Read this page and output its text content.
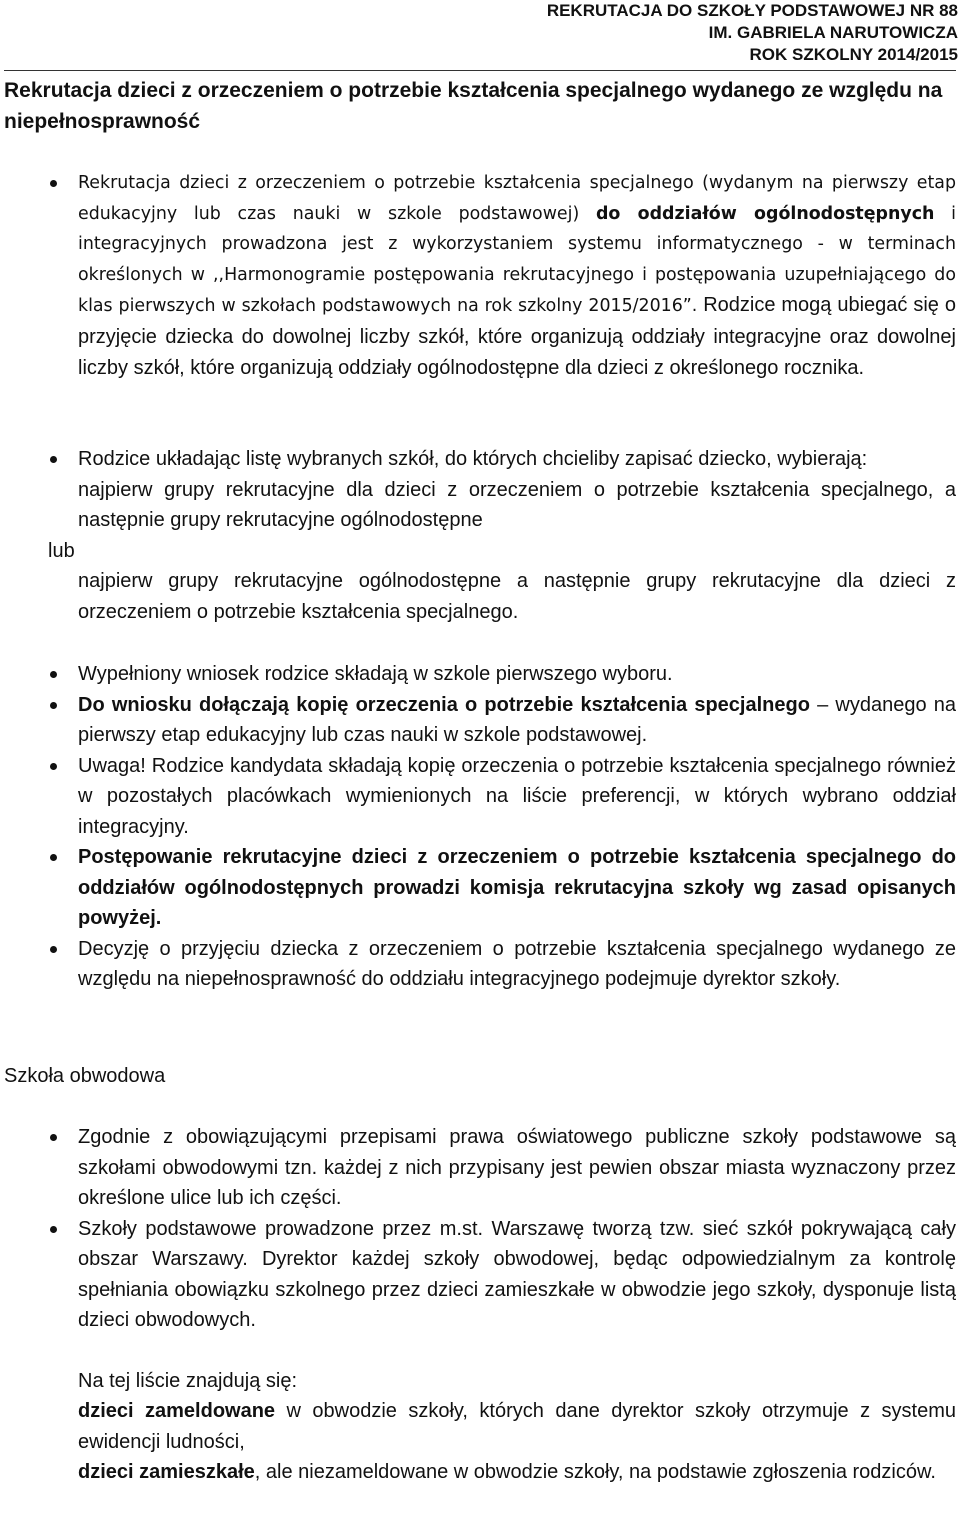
REKRUTACJA DO SZKOŁY PODSTAWOWEJ NR 88
IM. GABRIELA NARUTOWICZA
ROK SZKOLNY 2014/2015
Rekrutacja dzieci z orzeczeniem o potrzebie kształcenia specjalnego wydanego ze względu na niepełnosprawność
Rekrutacja dzieci z orzeczeniem o potrzebie kształcenia specjalnego (wydanym na pierwszy etap edukacyjny lub czas nauki w szkole podstawowej) do oddziałów ogólnodostępnych i integracyjnych prowadzona jest z wykorzystaniem systemu informatycznego - w terminach określonych w ,,Harmonogramie postępowania rekrutacyjnego i postępowania uzupełniającego do klas pierwszych w szkołach podstawowych na rok szkolny 2015/2016”. Rodzice mogą ubiegać się o przyjęcie dziecka do dowolnej liczby szkół, które organizują oddziały integracyjne oraz dowolnej liczby szkół, które organizują oddziały ogólnodostępne dla dzieci z określonego rocznika.
Rodzice układając listę wybranych szkół, do których chcieliby zapisać dziecko, wybierają:
najpierw grupy rekrutacyjne dla dzieci z orzeczeniem o potrzebie kształcenia specjalnego, a następnie grupy rekrutacyjne ogólnodostępne
lub
najpierw grupy rekrutacyjne ogólnodostępne a następnie grupy rekrutacyjne dla dzieci z orzeczeniem o potrzebie kształcenia specjalnego.
Wypełniony wniosek rodzice składają w szkole pierwszego wyboru.
Do wniosku dołączają kopię orzeczenia o potrzebie kształcenia specjalnego – wydanego na pierwszy etap edukacyjny lub czas nauki w szkole podstawowej.
Uwaga! Rodzice kandydata składają kopię orzeczenia o potrzebie kształcenia specjalnego również w pozostałych placówkach wymienionych na liście preferencji, w których wybrano oddział integracyjny.
Postępowanie rekrutacyjne dzieci z orzeczeniem o potrzebie kształcenia specjalnego do oddziałów ogólnodostępnych prowadzi komisja rekrutacyjna szkoły wg zasad opisanych powyżej.
Decyzję o przyjęciu dziecka z orzeczeniem o potrzebie kształcenia specjalnego wydanego ze względu na niepełnosprawność do oddziału integracyjnego podejmuje dyrektor szkoły.
Szkoła obwodowa
Zgodnie z obowiązującymi przepisami prawa oświatowego publiczne szkoły podstawowe są szkołami obwodowymi tzn. każdej z nich przypisany jest pewien obszar miasta wyznaczony przez określone ulice lub ich części.
Szkoły podstawowe prowadzone przez m.st. Warszawę tworzą tzw. sieć szkół pokrywającą cały obszar Warszawy. Dyrektor każdej szkoły obwodowej, będąc odpowiedzialnym za kontrolę spełniania obowiązku szkolnego przez dzieci zamieszkałe w obwodzie jego szkoły, dysponuje listą dzieci obwodowych.
Na tej liście znajdują się:
dzieci zameldowane w obwodzie szkoły, których dane dyrektor szkoły otrzymuje z systemu ewidencji ludności,
dzieci zamieszkałe, ale niezameldowane w obwodzie szkoły, na podstawie zgłoszenia rodziców.
